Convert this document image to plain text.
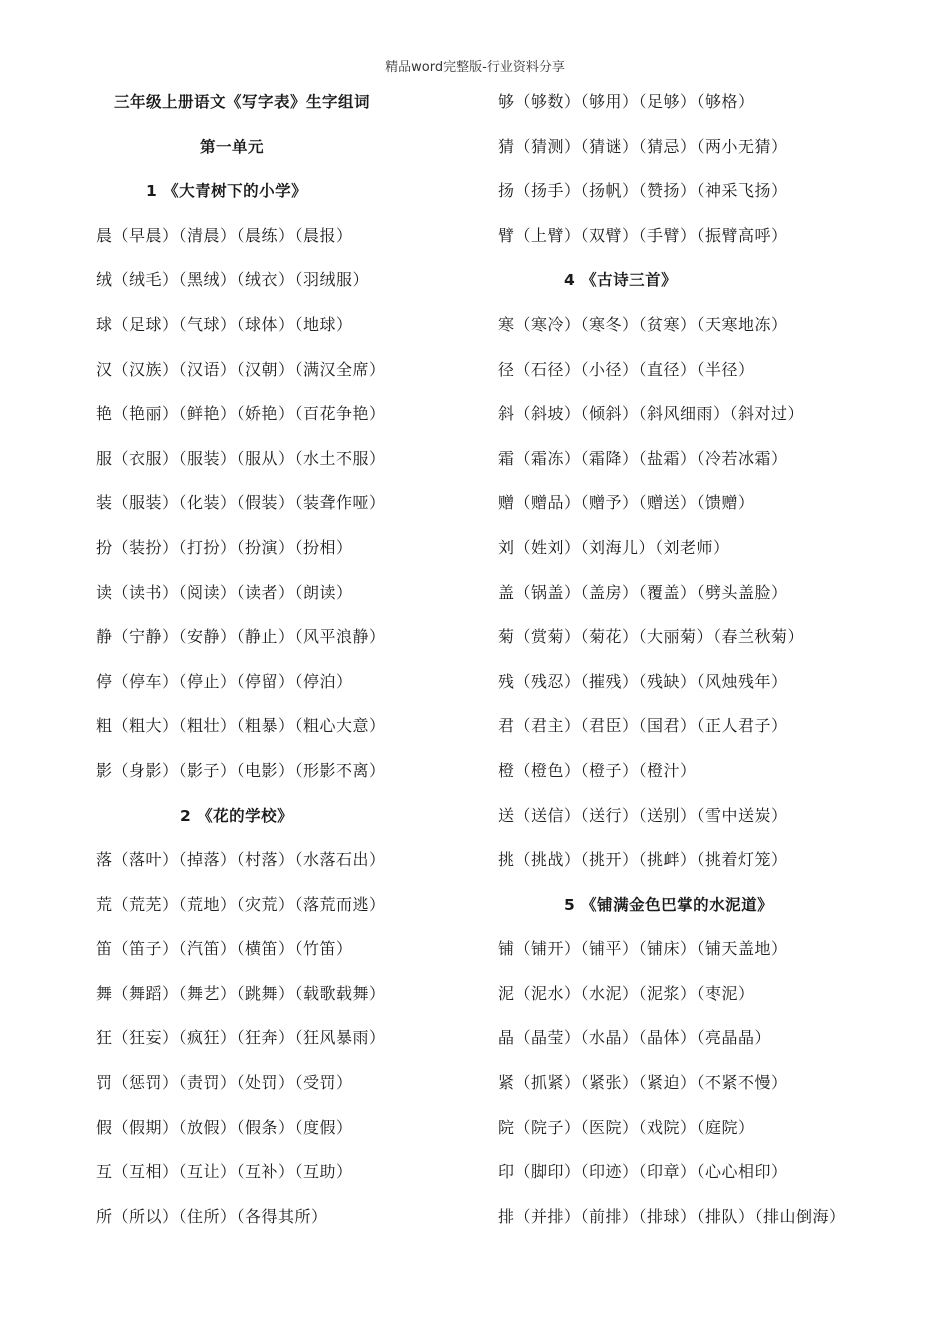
精品word完整版-行业资料分享
三年级上册语文《写字表》生字组词
第一单元
1 《大青树下的小学》
晨（早晨）（清晨）（晨练）（晨报）
绒（绒毛）（黑绒）（绒衣）（羽绒服）
球（足球）（气球）（球体）（地球）
汉（汉族）（汉语）（汉朝）（满汉全席）
艳（艳丽）（鲜艳）（娇艳）（百花争艳）
服（衣服）（服装）（服从）（水土不服）
装（服装）（化装）（假装）（装聋作哑）
扮（装扮）（打扮）（扮演）（扮相）
读（读书）（阅读）（读者）（朗读）
静（宁静）（安静）（静止）（风平浪静）
停（停车）（停止）（停留）（停泊）
粗（粗大）（粗壮）（粗暴）（粗心大意）
影（身影）（影子）（电影）（形影不离）
2 《花的学校》
落（落叶）（掉落）（村落）（水落石出）
荒（荒芜）（荒地）（灾荒）（落荒而逃）
笛（笛子）（汽笛）（横笛）（竹笛）
舞（舞蹈）（舞艺）（跳舞）（载歌载舞）
狂（狂妄）（疯狂）（狂奔）（狂风暴雨）
罚（惩罚）（责罚）（处罚）（受罚）
假（假期）（放假）（假条）（度假）
互（互相）（互让）（互补）（互助）
所（所以）（住所）（各得其所）
够（够数）（够用）（足够）（够格）
猜（猜测）（猜谜）（猜忌）（两小无猜）
扬（扬手）（扬帆）（赞扬）（神采飞扬）
臂（上臂）（双臂）（手臂）（振臂高呼）
4 《古诗三首》
寒（寒冷）（寒冬）（贫寒）（天寒地冻）
径（石径）（小径）（直径）（半径）
斜（斜坡）（倾斜）（斜风细雨）（斜对过）
霜（霜冻）（霜降）（盐霜）（冷若冰霜）
赠（赠品）（赠予）（赠送）（馈赠）
刘（姓刘）（刘海儿）（刘老师）
盖（锅盖）（盖房）（覆盖）（劈头盖脸）
菊（赏菊）（菊花）（大丽菊）（春兰秋菊）
残（残忍）（摧残）（残缺）（风烛残年）
君（君主）（君臣）（国君）（正人君子）
橙（橙色）（橙子）（橙汁）
送（送信）（送行）（送别）（雪中送炭）
挑（挑战）（挑开）（挑衅）（挑着灯笼）
5 《铺满金色巴掌的水泥道》
铺（铺开）（铺平）（铺床）（铺天盖地）
泥（泥水）（水泥）（泥浆）（枣泥）
晶（晶莹）（水晶）（晶体）（亮晶晶）
紧（抓紧）（紧张）（紧迫）（不紧不慢）
院（院子）（医院）（戏院）（庭院）
印（脚印）（印迹）（印章）（心心相印）
排（并排）（前排）（排球）（排队）（排山倒海）
